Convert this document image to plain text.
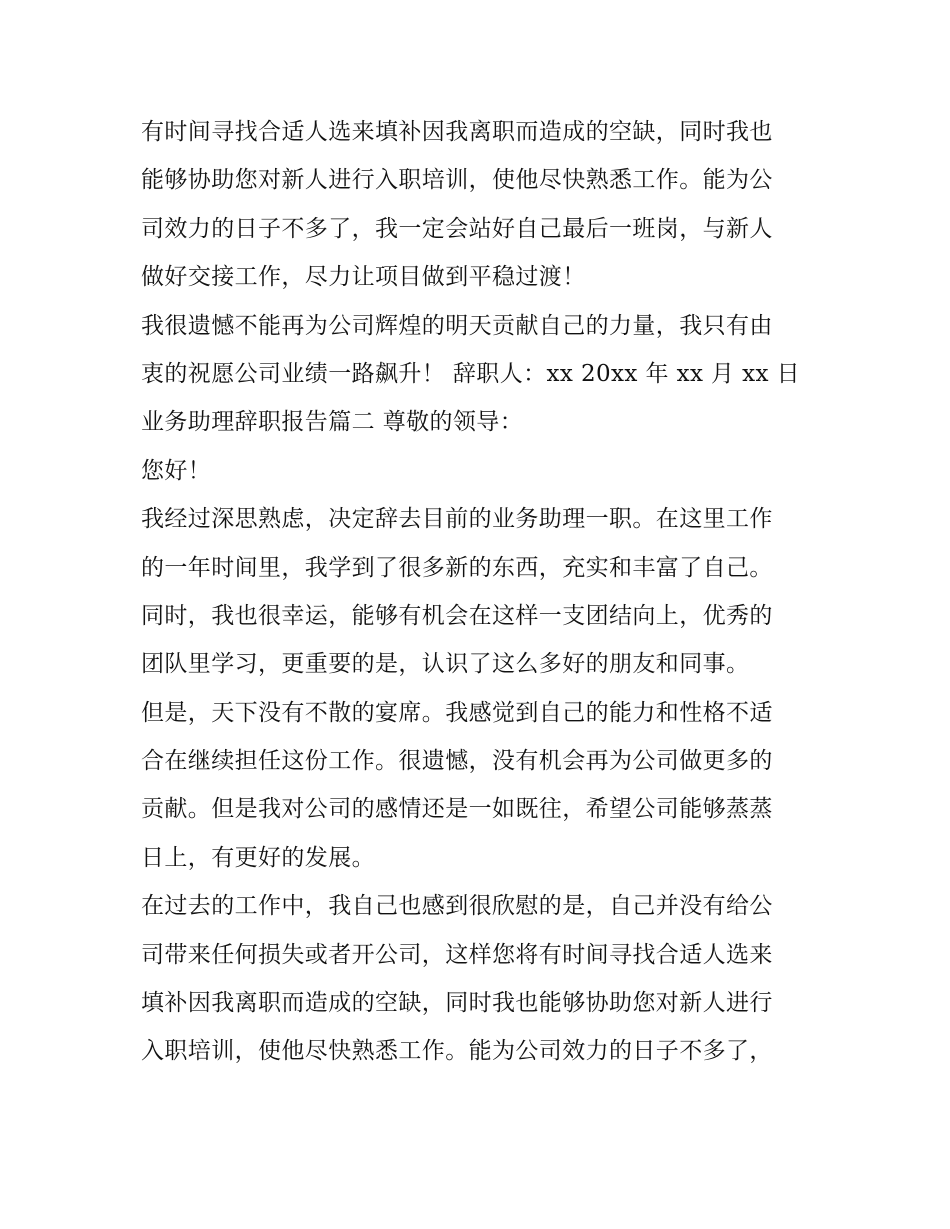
有时间寻找合适人选来填补因我离职而造成的空缺，同时我也
能够协助您对新人进行入职培训，使他尽快熟悉工作。能为公
司效力的日子不多了，我一定会站好自己最后一班岗，与新人
做好交接工作，尽力让项目做到平稳过渡！
我很遗憾不能再为公司辉煌的明天贡献自己的力量，我只有由
衷的祝愿公司业绩一路飙升！ 辞职人：xx 20xx 年 xx 月 xx 日
业务助理辞职报告篇二 尊敬的领导：
您好！
我经过深思熟虑，决定辞去目前的业务助理一职。在这里工作
的一年时间里，我学到了很多新的东西，充实和丰富了自己。
同时，我也很幸运，能够有机会在这样一支团结向上，优秀的
团队里学习，更重要的是，认识了这么多好的朋友和同事。
但是，天下没有不散的宴席。我感觉到自己的能力和性格不适
合在继续担任这份工作。很遗憾，没有机会再为公司做更多的
贡献。但是我对公司的感情还是一如既往，希望公司能够蒸蒸
日上，有更好的发展。
在过去的工作中，我自己也感到很欣慰的是，自己并没有给公
司带来任何损失或者开公司，这样您将有时间寻找合适人选来
填补因我离职而造成的空缺，同时我也能够协助您对新人进行
入职培训，使他尽快熟悉工作。能为公司效力的日子不多了，
